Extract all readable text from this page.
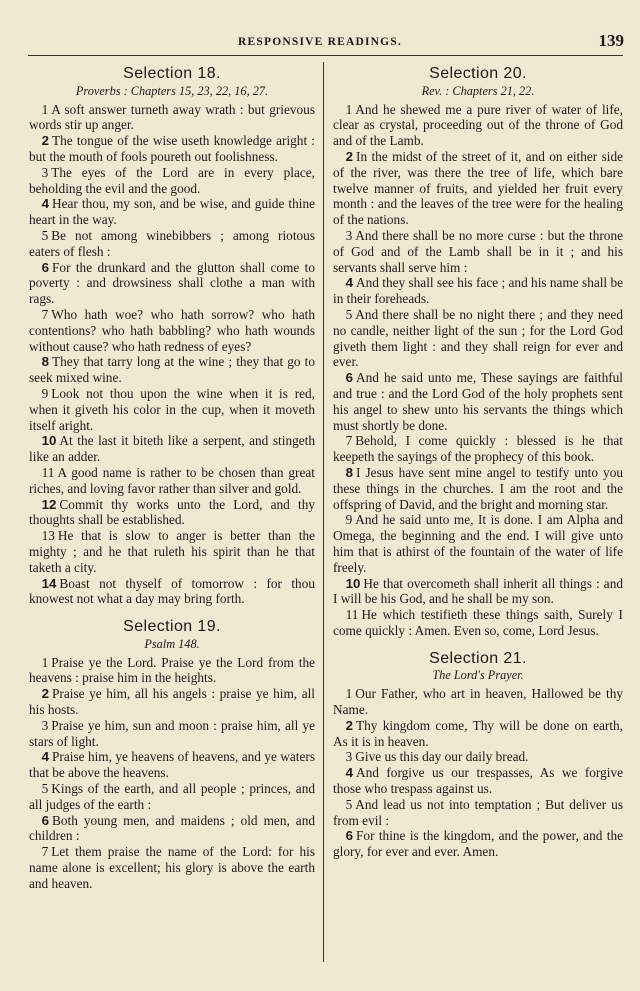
RESPONSIVE READINGS.	139
Selection 18.
Proverbs : Chapters 15, 23, 22, 16, 27.

1 A soft answer turneth away wrath : but grievous words stir up anger.

2 The tongue of the wise useth knowledge aright : but the mouth of fools poureth out foolishness.

3 The eyes of the Lord are in every place, beholding the evil and the good.

4 Hear thou, my son, and be wise, and guide thine heart in the way.

5 Be not among winebibbers ; among riotous eaters of flesh :

6 For the drunkard and the glutton shall come to poverty : and drowsiness shall clothe a man with rags.

7 Who hath woe? who hath sorrow? who hath contentions? who hath babbling? who hath wounds without cause? who hath redness of eyes?

8 They that tarry long at the wine ; they that go to seek mixed wine.

9 Look not thou upon the wine when it is red, when it giveth his color in the cup, when it moveth itself aright.

10 At the last it biteth like a serpent, and stingeth like an adder.

11 A good name is rather to be chosen than great riches, and loving favor rather than silver and gold.

12 Commit thy works unto the Lord, and thy thoughts shall be established.

13 He that is slow to anger is better than the mighty ; and he that ruleth his spirit than he that taketh a city.

14 Boast not thyself of tomorrow : for thou knowest not what a day may bring forth.

Selection 19.
Psalm 148.

1 Praise ye the Lord. Praise ye the Lord from the heavens : praise him in the heights.

2 Praise ye him, all his angels : praise ye him, all his hosts.

3 Praise ye him, sun and moon : praise him, all ye stars of light.

4 Praise him, ye heavens of heavens, and ye waters that be above the heavens.

5 Kings of the earth, and all people ; princes, and all judges of the earth :

6 Both young men, and maidens ; old men, and children :

7 Let them praise the name of the Lord: for his name alone is excellent; his glory is above the earth and heaven.

Selection 20.
Rev. : Chapters 21, 22.

1 And he shewed me a pure river of water of life, clear as crystal, proceeding out of the throne of God and of the Lamb.

2 In the midst of the street of it, and on either side of the river, was there the tree of life, which bare twelve manner of fruits, and yielded her fruit every month : and the leaves of the tree were for the healing of the nations.

3 And there shall be no more curse : but the throne of God and of the Lamb shall be in it ; and his servants shall serve him :

4 And they shall see his face ; and his name shall be in their foreheads.

5 And there shall be no night there ; and they need no candle, neither light of the sun ; for the Lord God giveth them light : and they shall reign for ever and ever.

6 And he said unto me, These sayings are faithful and true : and the Lord God of the holy prophets sent his angel to shew unto his servants the things which must shortly be done.

7 Behold, I come quickly : blessed is he that keepeth the sayings of the prophecy of this book.

8 I Jesus have sent mine angel to testify unto you these things in the churches. I am the root and the offspring of David, and the bright and morning star.

9 And he said unto me, It is done. I am Alpha and Omega, the beginning and the end. I will give unto him that is athirst of the fountain of the water of life freely.

10 He that overcometh shall inherit all things : and I will be his God, and he shall be my son.

11 He which testifieth these things saith, Surely I come quickly : Amen. Even so, come, Lord Jesus.

Selection 21.
The Lord's Prayer.

1 Our Father, who art in heaven, Hallowed be thy Name.

2 Thy kingdom come, Thy will be done on earth, As it is in heaven.

3 Give us this day our daily bread.

4 And forgive us our trespasses, As we forgive those who trespass against us.

5 And lead us not into temptation ; But deliver us from evil :

6 For thine is the kingdom, and the power, and the glory, for ever and ever. Amen.
